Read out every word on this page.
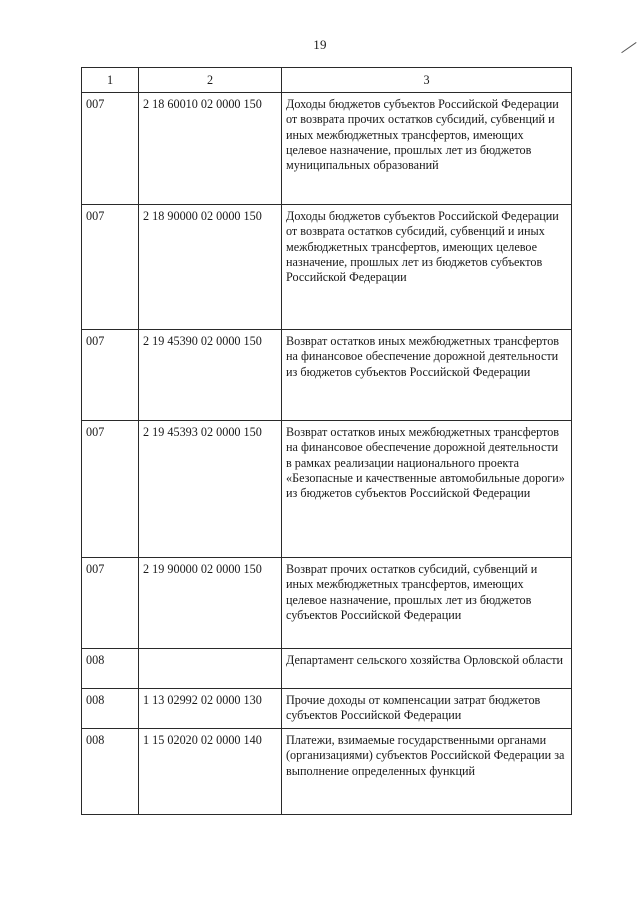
19
1	2	3
007	2 18 60010 02 0000 150	Доходы бюджетов субъектов Российской Федерации от возврата прочих остатков субсидий, субвенций и иных межбюджетных трансфертов, имеющих целевое назначение, прошлых лет из бюджетов муниципальных образований
007	2 18 90000 02 0000 150	Доходы бюджетов субъектов Российской Федерации от возврата остатков субсидий, субвенций и иных межбюджетных трансфертов, имеющих целевое назначение, прошлых лет из бюджетов субъектов Российской Федерации
007	2 19 45390 02 0000 150	Возврат остатков иных межбюджетных трансфертов на финансовое обеспечение дорожной деятельности из бюджетов субъектов Российской Федерации
007	2 19 45393 02 0000 150	Возврат остатков иных межбюджетных трансфертов на финансовое обеспечение дорожной деятельности в рамках реализации национального проекта «Безопасные и качественные автомобильные дороги» из бюджетов субъектов Российской Федерации
007	2 19 90000 02 0000 150	Возврат прочих остатков субсидий, субвенций и иных межбюджетных трансфертов, имеющих целевое назначение, прошлых лет из бюджетов субъектов Российской Федерации
008		Департамент сельского хозяйства Орловской области
008	1 13 02992 02 0000 130	Прочие доходы от компенсации затрат бюджетов субъектов Российской Федерации
008	1 15 02020 02 0000 140	Платежи, взимаемые государственными органами (организациями) субъектов Российской Федерации за выполнение определенных функций
